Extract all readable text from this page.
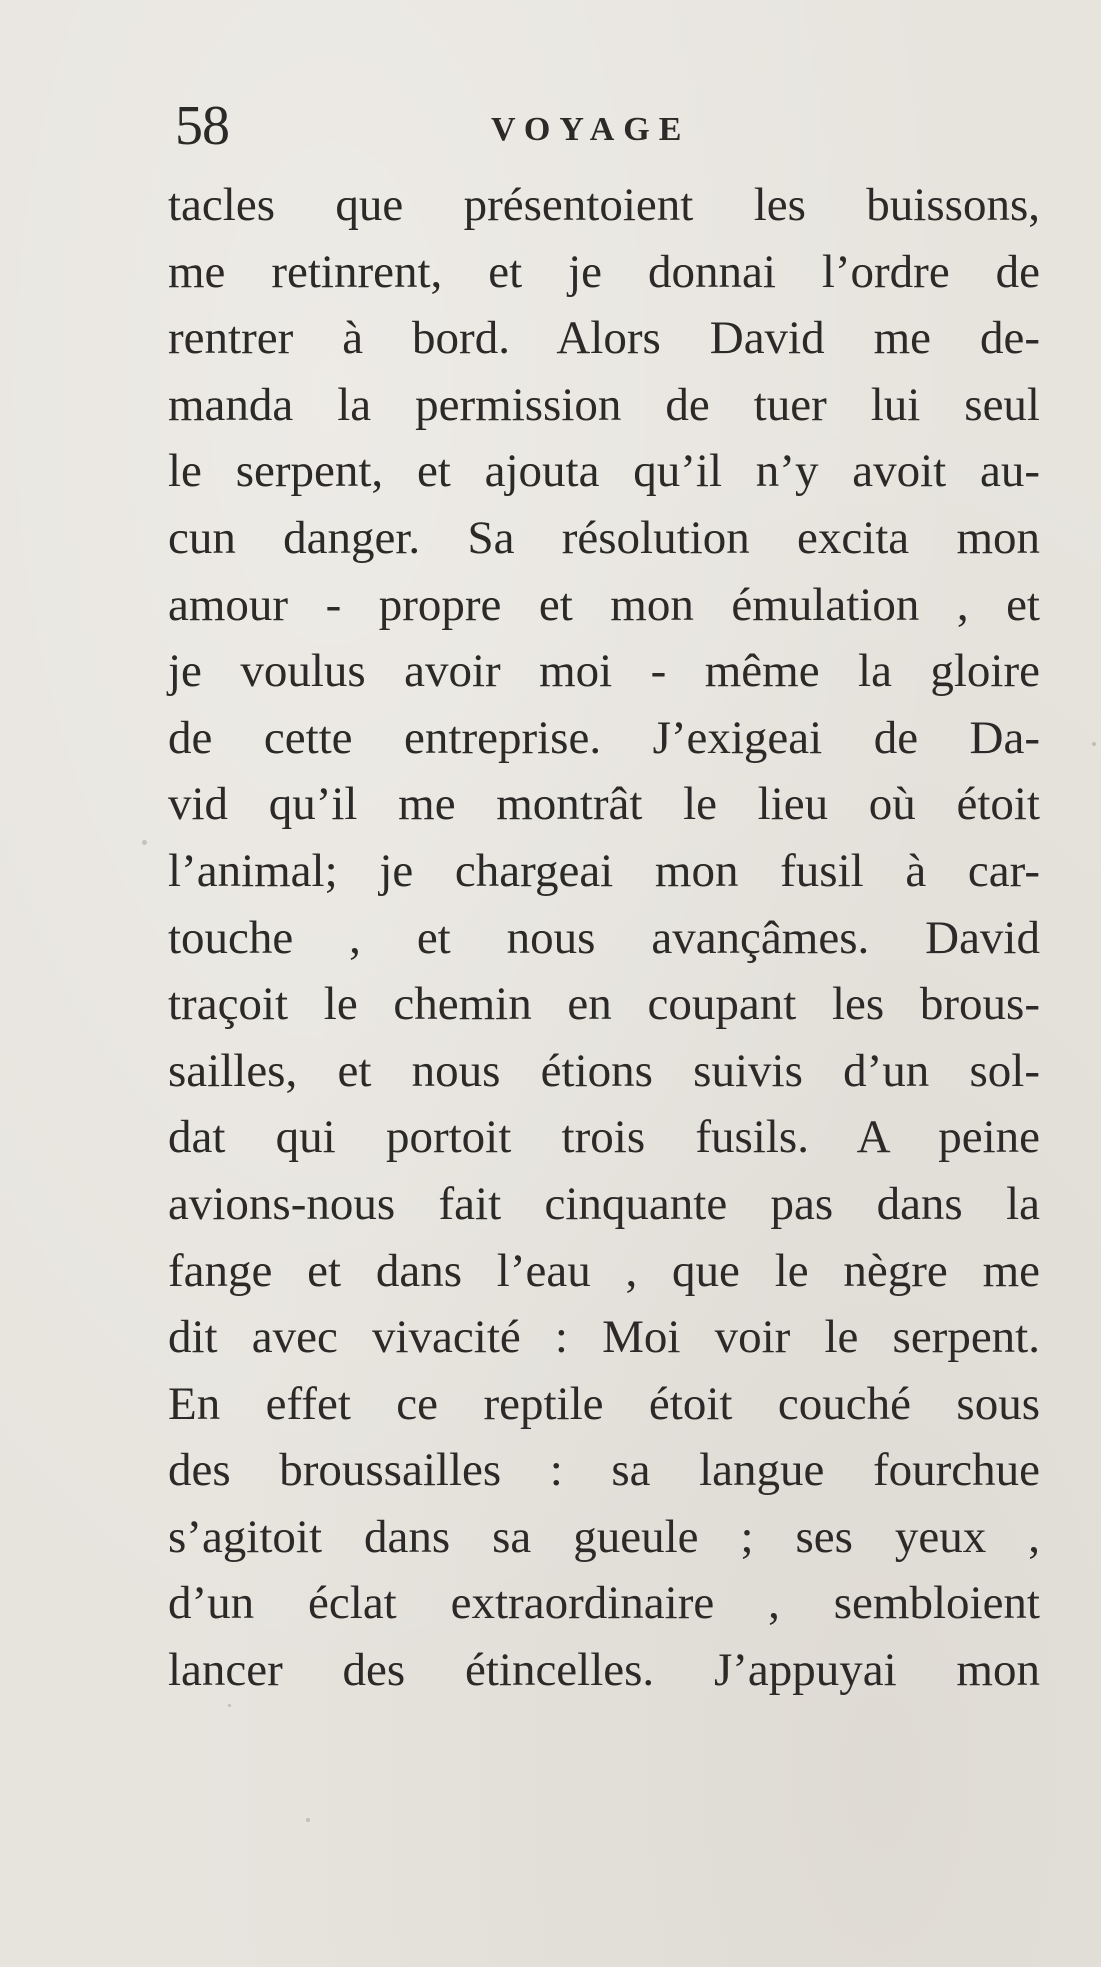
58	VOYAGE
tacles que présentoient les buissons,
me retinrent, et je donnai l’ordre de
rentrer à bord. Alors David me de-
manda la permission de tuer lui seul
le serpent, et ajouta qu’il n’y avoit au-
cun danger. Sa résolution excita mon
amour - propre et mon émulation , et
je voulus avoir moi - même la gloire
de cette entreprise. J’exigeai de Da-
vid qu’il me montrât le lieu où étoit
l’animal; je chargeai mon fusil à car-
touche , et nous avançâmes. David
traçoit le chemin en coupant les brous-
sailles, et nous étions suivis d’un sol-
dat qui portoit trois fusils. A peine
avions-nous fait cinquante pas dans la
fange et dans l’eau , que le nègre me
dit avec vivacité : Moi voir le serpent.
En effet ce reptile étoit couché sous
des broussailles : sa langue fourchue
s’agitoit dans sa gueule ; ses yeux ,
d’un éclat extraordinaire , sembloient
lancer des étincelles. J’appuyai mon
